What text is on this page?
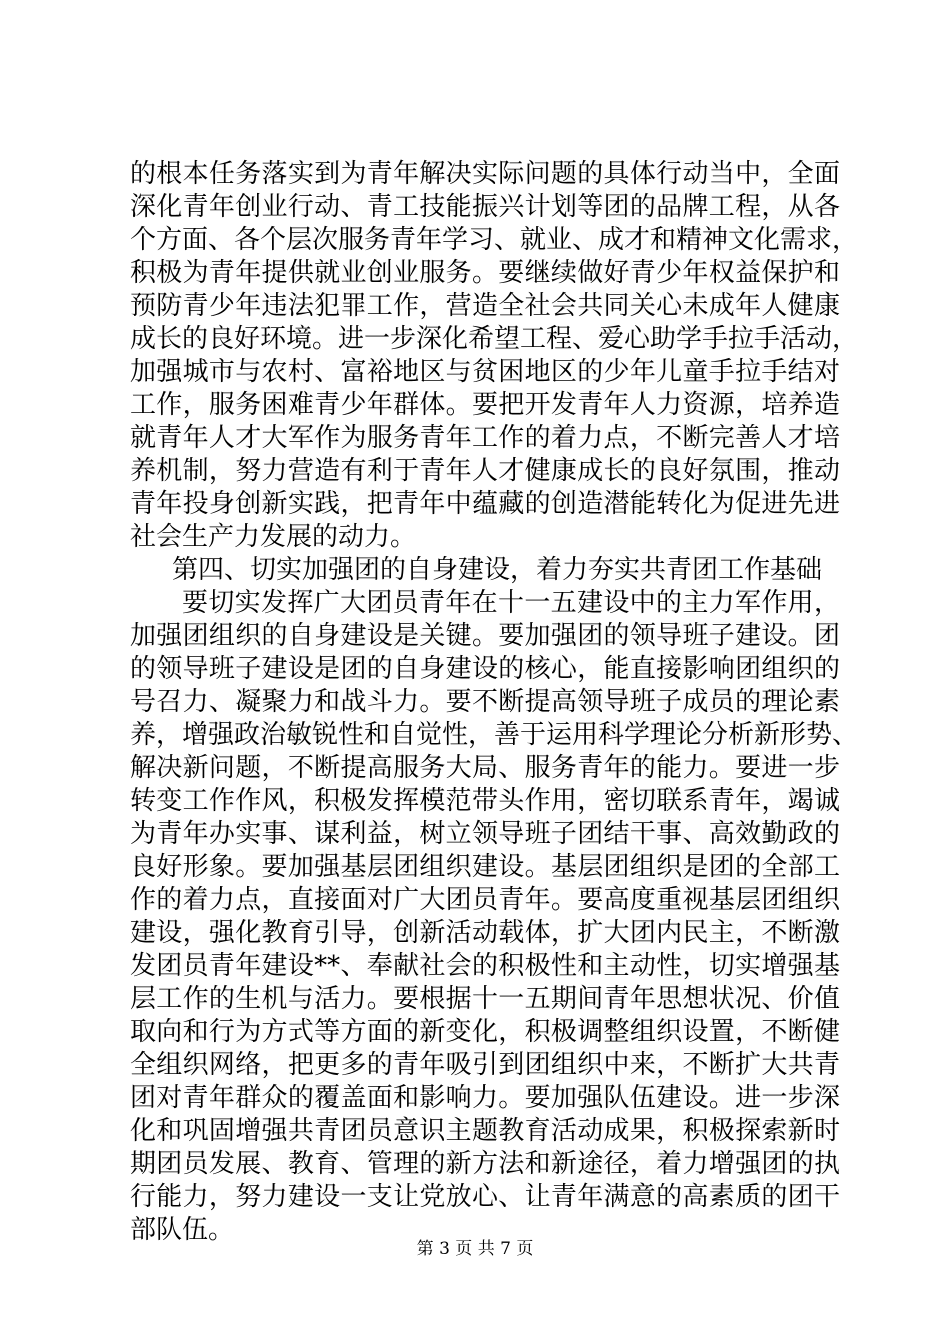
的根本任务落实到为青年解决实际问题的具体行动当中，全面
深化青年创业行动、青工技能振兴计划等团的品牌工程，从各
个方面、各个层次服务青年学习、就业、成才和精神文化需求，
积极为青年提供就业创业服务。要继续做好青少年权益保护和
预防青少年违法犯罪工作，营造全社会共同关心未成年人健康
成长的良好环境。进一步深化希望工程、爱心助学手拉手活动，
加强城市与农村、富裕地区与贫困地区的少年儿童手拉手结对
工作，服务困难青少年群体。要把开发青年人力资源，培养造
就青年人才大军作为服务青年工作的着力点，不断完善人才培
养机制，努力营造有利于青年人才健康成长的良好氛围，推动
青年投身创新实践，把青年中蕴藏的创造潜能转化为促进先进
社会生产力发展的动力。
第四、切实加强团的自身建设，着力夯实共青团工作基础
要切实发挥广大团员青年在十一五建设中的主力军作用，
加强团组织的自身建设是关键。要加强团的领导班子建设。团
的领导班子建设是团的自身建设的核心，能直接影响团组织的
号召力、凝聚力和战斗力。要不断提高领导班子成员的理论素
养，增强政治敏锐性和自觉性，善于运用科学理论分析新形势、
解决新问题，不断提高服务大局、服务青年的能力。要进一步
转变工作作风，积极发挥模范带头作用，密切联系青年，竭诚
为青年办实事、谋利益，树立领导班子团结干事、高效勤政的
良好形象。要加强基层团组织建设。基层团组织是团的全部工
作的着力点，直接面对广大团员青年。要高度重视基层团组织
建设，强化教育引导，创新活动载体，扩大团内民主，不断激
发团员青年建设**、奉献社会的积极性和主动性，切实增强基
层工作的生机与活力。要根据十一五期间青年思想状况、价值
取向和行为方式等方面的新变化，积极调整组织设置，不断健
全组织网络，把更多的青年吸引到团组织中来，不断扩大共青
团对青年群众的覆盖面和影响力。要加强队伍建设。进一步深
化和巩固增强共青团员意识主题教育活动成果，积极探索新时
期团员发展、教育、管理的新方法和新途径，着力增强团的执
行能力，努力建设一支让党放心、让青年满意的高素质的团干
部队伍。
第 3 页 共 7 页
